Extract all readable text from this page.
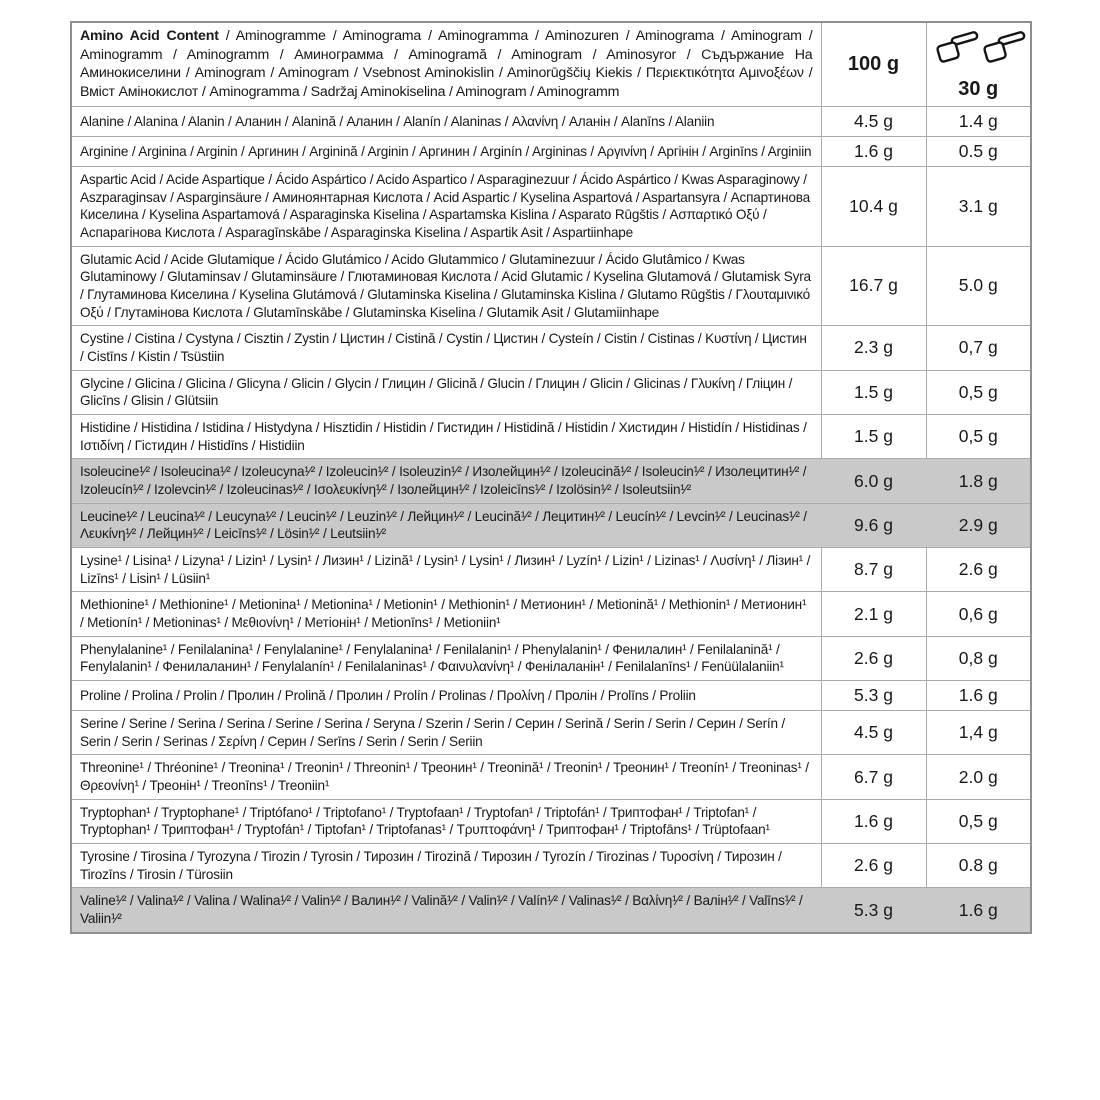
Amino Acid Content / Aminogramme / Aminograma / Aminogramma / Aminozuren / Aminograma / Aminogram / Aminogramm / Aminogramm / Аминограмма / Aminogramă / Aminogram / Aminosyror / Съдържание На Аминокиселини / Aminogram / Aminogram / Vsebnost Aminokislin / Aminorūgščių Kiekis / Περιεκτικότητα Αμινοξέων / Вміст Амінокислот / Aminogramma / Sadržaj Aminokiselina / Aminogram / Aminogramm	100 g	30 g
Alanine / Alanina / Alanin / Аланин / Alanină / Аланин / Alanín / Alaninas / Αλανίνη / Аланін / Alanīns / Alaniin	4.5 g	1.4 g
Arginine / Arginina / Arginin / Аргинин / Arginină / Arginin / Аргинин / Arginín / Argininas / Αργινίνη / Аргінін / Arginīns / Arginiin	1.6 g	0.5 g
Aspartic Acid / Acide Aspartique / Ácido Aspártico / Acido Aspartico / Asparaginezuur / Ácido Aspártico / Kwas Asparaginowy / Aszparaginsav / Asparginsäure / Аминоянтарная Кислота / Acid Aspartic / Kyselina Aspartová / Aspartansyra / Аспартинова Киселина / Kyselina Aspartamová / Asparaginska Kiselina / Aspartamska Kislina / Asparato Rūgštis / Ασπαρτικό Οξύ / Аспарагінова Кислота / Asparagīnskābe / Asparaginska Kiselina / Aspartik Asit / Aspartiinhape	10.4 g	3.1 g
Glutamic Acid / Acide Glutamique / Ácido Glutámico / Acido Glutammico / Glutaminezuur / Ácido Glutâmico / Kwas Glutaminowy / Glutaminsav / Glutaminsäure / Глютаминовая Кислота / Acid Glutamic / Kyselina Glutamová / Glutamisk Syra / Глутаминова Киселина / Kyselina Glutámová / Glutaminska Kiselina / Glutaminska Kislina / Glutamo Rūgštis / Γλουταμινικό Οξύ / Глутамінова Кислота / Glutamīnskābe / Glutaminska Kiselina / Glutamik Asit / Glutamiinhape	16.7 g	5.0 g
Cystine / Cistina / Cystyna / Cisztin / Zystin / Цистин / Cistină / Cystin / Цистин / Cysteín / Cistin / Cistinas / Κυστίνη / Цистин / Cistīns / Kistin / Tsüstiin	2.3 g	0,7 g
Glycine / Glicina / Glicina / Glicyna / Glicin / Glycin / Глицин / Glicină / Glucin / Глицин / Glicin / Glicinas / Γλυκίνη / Гліцин / Glicīns / Glisin / Glütsiin	1.5 g	0,5 g
Histidine / Histidina / Istidina / Histydyna / Hisztidin / Histidin / Гистидин / Histidină / Histidin / Хистидин / Histidín / Histidinas / Ιστιδίνη / Гістидин / Histidīns / Histidiin	1.5 g	0,5 g
Isoleucine¹⁄² / Isoleucina¹⁄² / Izoleucyna¹⁄² / Izoleucin¹⁄² / Isoleuzin¹⁄² / Изолейцин¹⁄² / Izoleucină¹⁄² / Isoleucin¹⁄² / Изолецитин¹⁄² / Izoleucín¹⁄² / Izolevcin¹⁄² / Izoleucinas¹⁄² / Ισολευκίνη¹⁄² / Ізолейцин¹⁄² / Izoleicīns¹⁄² / Izolösin¹⁄² / Isoleutsiin¹⁄²	6.0 g	1.8 g
Leucine¹⁄² / Leucina¹⁄² / Leucyna¹⁄² / Leucin¹⁄² / Leuzin¹⁄² / Лейцин¹⁄² / Leucină¹⁄² / Лецитин¹⁄² / Leucín¹⁄² / Levcin¹⁄² / Leucinas¹⁄² / Λευκίνη¹⁄² / Лейцин¹⁄² / Leicīns¹⁄² / Lösin¹⁄² / Leutsiin¹⁄²	9.6 g	2.9 g
Lysine¹ / Lisina¹ / Lizyna¹ / Lizin¹ / Lysin¹ / Лизин¹ / Lizină¹ / Lysin¹ / Lysin¹ / Лизин¹ / Lyzín¹ / Lizin¹ / Lizinas¹ / Λυσίνη¹ / Лізин¹ / Lizīns¹ / Lisin¹ / Lüsiin¹	8.7 g	2.6 g
Methionine¹ / Methionine¹ / Metionina¹ / Metionina¹ / Metionin¹ / Methionin¹ / Метионин¹ / Metionină¹ / Methionin¹ / Метионин¹ / Metionín¹ / Metioninas¹ / Μεθιονίνη¹ / Метіонін¹ / Metionīns¹ / Metioniin¹	2.1 g	0,6 g
Phenylalanine¹ / Fenilalanina¹ / Fenylalanine¹ / Fenylalanina¹ / Fenilalanin¹ / Phenylalanin¹ / Фенилалин¹ / Fenilalanină¹ / Fenylalanin¹ / Фенилаланин¹ / Fenylalanín¹ / Fenilalaninas¹ / Φαινυλανίνη¹ / Фенілаланін¹ / Fenilalanīns¹ / Fenüülalaniin¹	2.6 g	0,8 g
Proline / Prolina / Prolin / Пролин / Prolină / Пролин / Prolín / Prolinas / Προλίνη / Пролін / Prolīns / Proliin	5.3 g	1.6 g
Serine / Serine / Serina / Serina / Serine / Serina / Seryna / Szerin / Serin / Серин / Serină / Serin / Serin / Серин / Serín / Serin / Serin / Serinas / Σερίνη / Серин / Serīns / Serin / Serin / Seriin	4.5 g	1,4 g
Threonine¹ / Thréonine¹ / Treonina¹ / Treonin¹ / Threonin¹ / Треонин¹ / Treonină¹ / Treonin¹ / Треонин¹ / Treonín¹ / Treoninas¹ / Θρεονίνη¹ / Треонін¹ / Treonīns¹ / Treoniin¹	6.7 g	2.0 g
Tryptophan¹ / Tryptophane¹ / Triptófano¹ / Triptofano¹ / Tryptofaan¹ / Tryptofan¹ / Triptofán¹ / Триптофан¹ / Triptofan¹ / Tryptophan¹ / Триптофан¹ / Tryptofán¹ / Tiptofan¹ / Triptofanas¹ / Τρυπτοφάνη¹ / Триптофан¹ / Triptofāns¹ / Trüptofaan¹	1.6 g	0,5 g
Tyrosine / Tirosina / Tyrozyna / Tirozin / Tyrosin / Тирозин / Tirozină / Тирозин / Tyrozín / Tirozinas / Τυροσίνη / Тирозин / Tirozīns / Tirosin / Türosiin	2.6 g	0.8 g
Valine¹⁄² / Valina¹⁄² / Valina / Walina¹⁄² / Valin¹⁄² / Валин¹⁄² / Valină¹⁄² / Valin¹⁄² / Valín¹⁄² / Valinas¹⁄² / Βαλίνη¹⁄² / Валін¹⁄² / Valīns¹⁄² / Valiin¹⁄²	5.3 g	1.6 g
